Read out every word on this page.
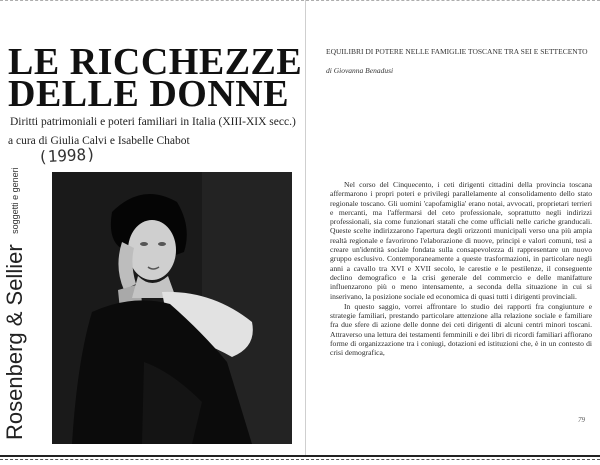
LE RICCHEZZE
DELLE DONNE
Diritti patrimoniali e poteri familiari in Italia (XIII-XIX secc.)
a cura di Giulia Calvi e Isabelle Chabot
(1998)
Rosenberg & Sellier soggetti e generi
EQUILIBRI DI POTERE NELLE FAMIGLIE TOSCANE TRA SEI E SETTECENTO
di Giovanna Benadusi

Nel corso del Cinquecento, i ceti dirigenti cittadini della provincia toscana affermarono i propri poteri e privilegi parallelamente al consolidamento dello stato regionale toscano. Gli uomini 'capofamiglia' erano notai, avvocati, proprietari terrieri e mercanti, ma l'affermarsi del ceto professionale, soprattutto negli indirizzi professionali, sia come funzionari statali che come ufficiali nelle cariche granducali. Queste scelte indirizzarono l'apertura degli orizzonti municipali verso una più ampia realtà regionale e favorirono l'elaborazione di nuove, principi e valori comuni, tesi a creare un'identità sociale fondata sulla consapevolezza di rappresentare un nuovo gruppo esclusivo. Contemporaneamente a queste trasformazioni, in particolare negli anni a cavallo tra XVI e XVII secolo, le carestie e le pestilenze, il conseguente declino demografico e la crisi generale del commercio e delle manifatture influenzarono più o meno intensamente, a seconda della situazione in cui si inserivano, la posizione sociale ed economica di quasi tutti i dirigenti provinciali.

In questo saggio, vorrei affrontare lo studio dei rapporti fra congiunture e strategie familiari, prestando particolare attenzione alla relazione sociale e familiare fra due sfere di azione delle donne dei ceti dirigenti di alcuni centri minori toscani. Attraverso una lettura dei testamenti femminili e dei libri di ricordi familiari affiorano forme di organizzazione tra i coniugi, dotazioni ed istituzioni che, è in un contesto di crisi demografica,

79
